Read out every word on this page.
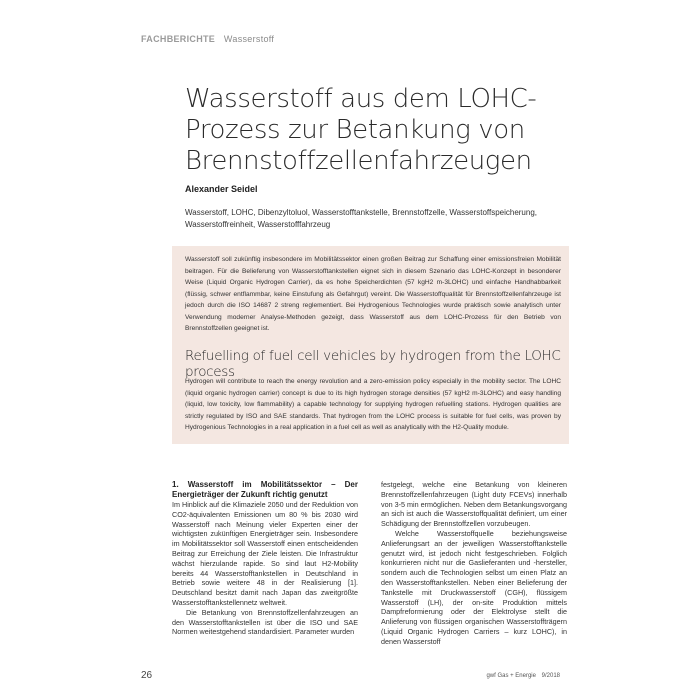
FACHBERICHTE Wasserstoff
Wasserstoff aus dem LOHC-Prozess zur Betankung von Brennstoffzellenfahrzeugen
Alexander Seidel
Wasserstoff, LOHC, Dibenzyltoluol, Wasserstofftankstelle, Brennstoffzelle, Wasserstoffspeicherung, Wasserstoffreinheit, Wasserstofffahrzeug
Wasserstoff soll zukünftig insbesondere im Mobilitätssektor einen großen Beitrag zur Schaffung einer emissionsfreien Mobilität beitragen. Für die Belieferung von Wasserstofftankstellen eignet sich in diesem Szenario das LOHC-Konzept in besonderer Weise (Liquid Organic Hydrogen Carrier), da es hohe Speicherdichten (57 kgH2 m-3LOHC) und einfache Handhabbarkeit (flüssig, schwer entflammbar, keine Einstufung als Gefahrgut) vereint. Die Wasserstoffqualität für Brennstoffzellenfahrzeuge ist jedoch durch die ISO 14687 2 streng reglementiert. Bei Hydrogenious Technologies wurde praktisch sowie analytisch unter Verwendung moderner Analyse-Methoden gezeigt, dass Wasserstoff aus dem LOHC-Prozess für den Betrieb von Brennstoffzellen geeignet ist.
Refuelling of fuel cell vehicles by hydrogen from the LOHC process
Hydrogen will contribute to reach the energy revolution and a zero-emission policy especially in the mobility sector. The LOHC (liquid organic hydrogen carrier) concept is due to its high hydrogen storage densities (57 kgH2 m-3LOHC) and easy handling (liquid, low toxicity, low flammability) a capable technology for supplying hydrogen refuelling stations. Hydrogen qualities are strictly regulated by ISO and SAE standards. That hydrogen from the LOHC process is suitable for fuel cells, was proven by Hydrogenious Technologies in a real application in a fuel cell as well as analytically with the H2-Quality module.

1. Wasserstoff im Mobilitätssektor – Der Energieträger der Zukunft richtig genutzt

Im Hinblick auf die Klimaziele 2050 und der Reduktion von CO2-äquivalenten Emissionen um 80 % bis 2030 wird Wasserstoff nach Meinung vieler Experten einer der wichtigsten zukünftigen Energieträger sein. Insbesondere im Mobilitätssektor soll Wasserstoff einen entscheidenden Beitrag zur Erreichung der Ziele leisten. Die Infrastruktur wächst hierzulande rapide. So sind laut H2-Mobility bereits 44 Wasserstofftankstellen in Deutschland in Betrieb sowie weitere 48 in der Realisierung [1]. Deutschland besitzt damit nach Japan das zweitgrößte Wasserstofftankstellennetz weltweit.

Die Betankung von Brennstoffzellenfahrzeugen an den Wasserstofftankstellen ist über die ISO und SAE Normen weitestgehend standardisiert. Parameter wurden

festgelegt, welche eine Betankung von kleineren Brennstoffzellenfahrzeugen (Light duty FCEVs) innerhalb von 3-5 min ermöglichen. Neben dem Betankungsvorgang an sich ist auch die Wasserstoffqualität definiert, um einer Schädigung der Brennstoffzellen vorzubeugen.

Welche Wasserstoffquelle beziehungsweise Anlieferungsart an der jeweiligen Wasserstofftankstelle genutzt wird, ist jedoch nicht festgeschrieben. Folglich konkurrieren nicht nur die Gaslieferanten und -hersteller, sondern auch die Technologien selbst um einen Platz an den Wasserstofftankstellen. Neben einer Belieferung der Tankstelle mit Druckwasserstoff (CGH), flüssigem Wasserstoff (LH), der on-site Produktion mittels Dampfreformierung oder der Elektrolyse stellt die Anlieferung von flüssigen organischen Wasserstoffträgern (Liquid Organic Hydrogen Carriers – kurz LOHC), in denen Wasserstoff

26	gwf Gas + Energie 9/2018
